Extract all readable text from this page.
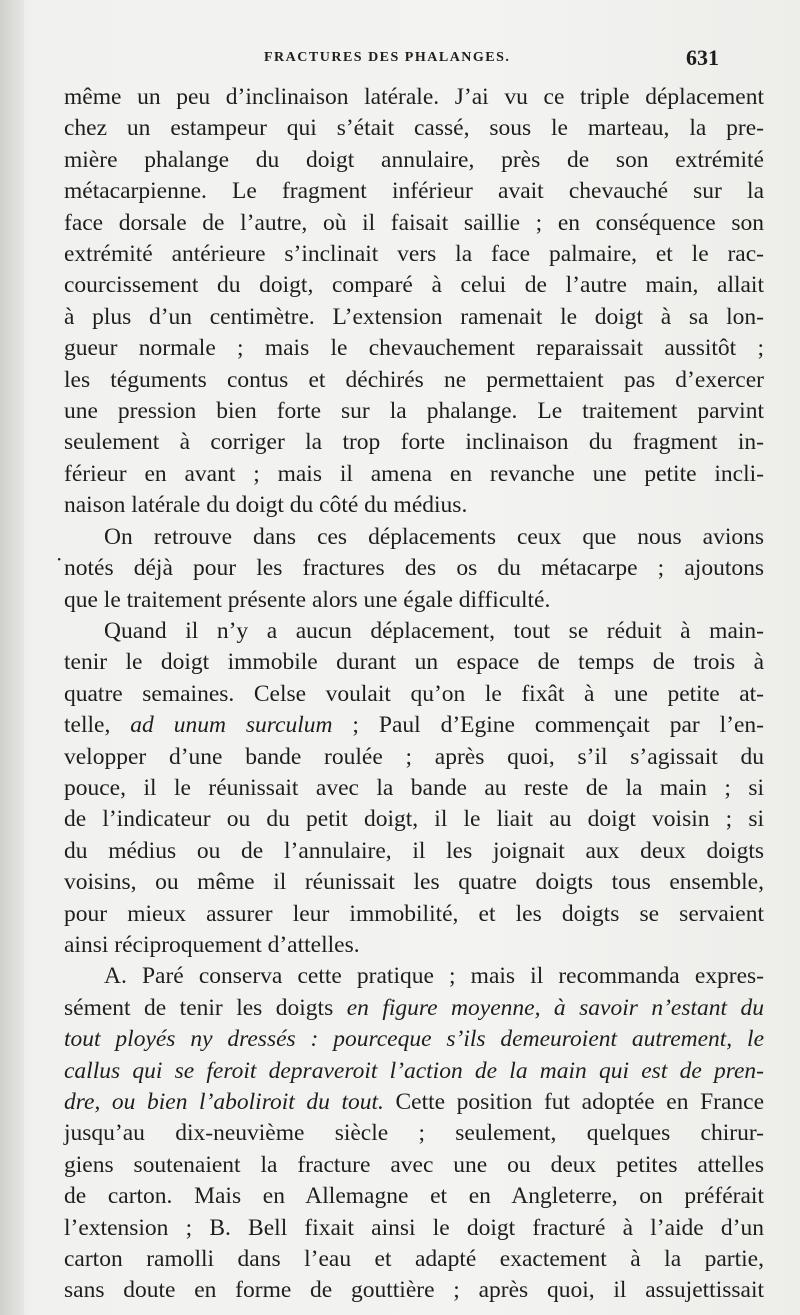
FRACTURES DES PHALANGES.	631
·

même un peu d’inclinaison latérale. J’ai vu ce triple déplacement
chez un estampeur qui s’était cassé, sous le marteau, la pre-
mière phalange du doigt annulaire, près de son extrémité
métacarpienne. Le fragment inférieur avait chevauché sur la
face dorsale de l’autre, où il faisait saillie ; en conséquence son
extrémité antérieure s’inclinait vers la face palmaire, et le rac-
courcissement du doigt, comparé à celui de l’autre main, allait
à plus d’un centimètre. L’extension ramenait le doigt à sa lon-
gueur normale ; mais le chevauchement reparaissait aussitôt ;
les téguments contus et déchirés ne permettaient pas d’exercer
une pression bien forte sur la phalange. Le traitement parvint
seulement à corriger la trop forte inclinaison du fragment in-
férieur en avant ; mais il amena en revanche une petite incli-
naison latérale du doigt du côté du médius.

On retrouve dans ces déplacements ceux que nous avions
notés déjà pour les fractures des os du métacarpe ; ajoutons
que le traitement présente alors une égale difficulté.

Quand il n’y a aucun déplacement, tout se réduit à main-
tenir le doigt immobile durant un espace de temps de trois à
quatre semaines. Celse voulait qu’on le fixât à une petite at-
telle, ad unum surculum ; Paul d’Egine commençait par l’en-
velopper d’une bande roulée ; après quoi, s’il s’agissait du
pouce, il le réunissait avec la bande au reste de la main ; si
de l’indicateur ou du petit doigt, il le liait au doigt voisin ; si
du médius ou de l’annulaire, il les joignait aux deux doigts
voisins, ou même il réunissait les quatre doigts tous ensemble,
pour mieux assurer leur immobilité, et les doigts se servaient
ainsi réciproquement d’attelles.

A. Paré conserva cette pratique ; mais il recommanda expres-
sément de tenir les doigts en figure moyenne, à savoir n’estant du
tout ployés ny dressés : pourceque s’ils demeuroient autrement, le
callus qui se feroit depraveroit l’action de la main qui est de pren-
dre, ou bien l’aboliroit du tout. Cette position fut adoptée en France
jusqu’au dix-neuvième siècle ; seulement, quelques chirur-
giens soutenaient la fracture avec une ou deux petites attelles
de carton. Mais en Allemagne et en Angleterre, on préférait
l’extension ; B. Bell fixait ainsi le doigt fracturé à l’aide d’un
carton ramolli dans l’eau et adapté exactement à la partie,
sans doute en forme de gouttière ; après quoi, il assujettissait
